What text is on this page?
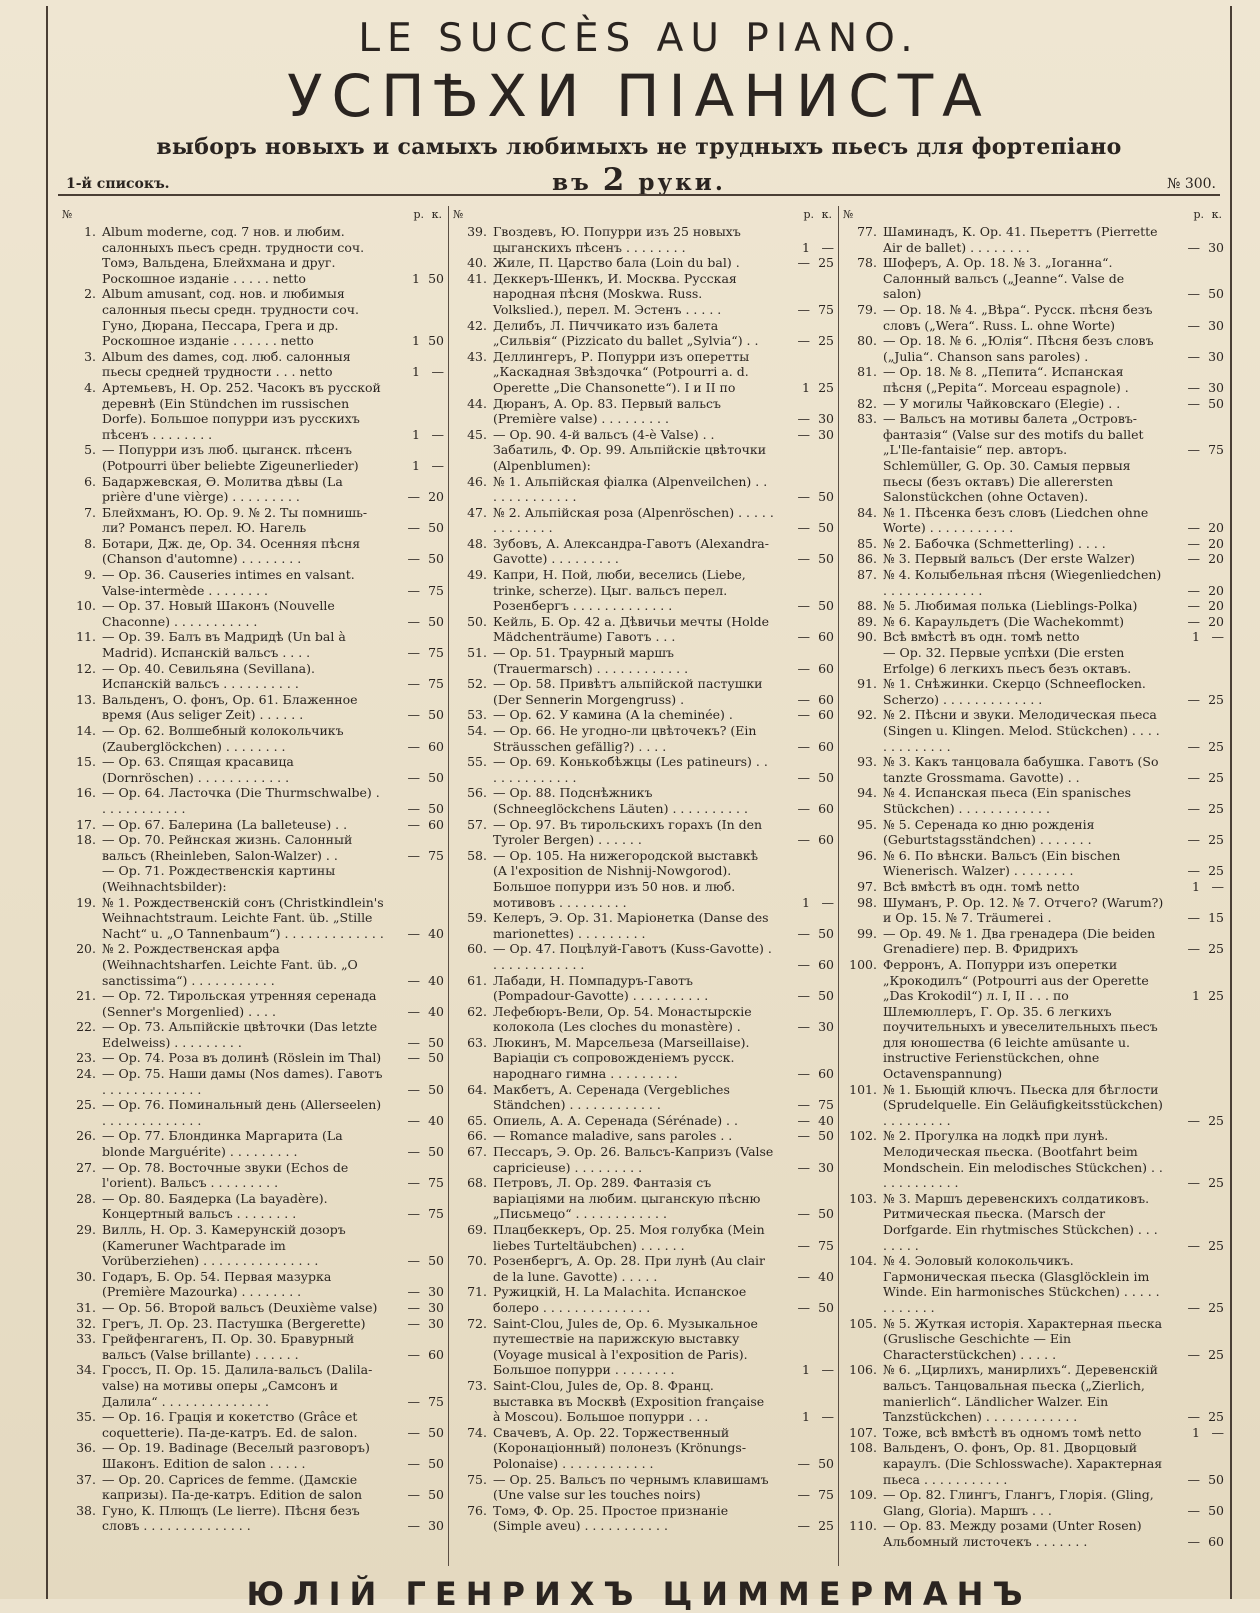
LE SUCCÈS AU PIANO.
УСПѢХИ ПІАНИСТА
выборъ новыхъ и самыхъ любимыхъ не трудныхъ пьесъ для фортепіано
1-й списокъ.	въ 2 руки.	№ 300.
№	р. к.
1. Album moderne, сод. 7 нов. и любим. салонныхъ пьесъ средн. трудности соч. Томэ, Вальдена, Блейхмана и друг. Роскошное изданіе . . . . . netto	1 50
2. Album amusant, сод. нов. и любимыя салонныя пьесы средн. трудности соч. Гуно, Дюрана, Пессара, Грега и др. Роскошное изданіе . . . . . . netto	1 50
3. Album des dames, сод. люб. салонныя пьесы средней трудности . . . netto	1 —
4. Артемьевъ, Н. Ор. 252. Часокъ въ русской деревнѣ (Ein Stündchen im russischen Dorfe). Большое попурри изъ русскихъ пѣсенъ . . . . . . . .	1 —
5. — Попурри изъ люб. цыганск. пѣсенъ (Potpourri über beliebte Zigeunerlieder)	1 —
6. Бадаржевская, Ѳ. Молитва дѣвы (La prière d'une vièrge) . . . . . . . . .	— 20
7. Блейхманъ, Ю. Ор. 9. № 2. Ты помнишь-ли? Романсъ перел. Ю. Нагель	— 50
8. Ботари, Дж. де, Ор. 34. Осенняя пѣсня (Chanson d'automne) . . . . . . . .	— 50
9. — Ор. 36. Causeries intimes en valsant. Valse-intermède . . . . . . . .	— 75
10. — Ор. 37. Новый Шаконъ (Nouvelle Chaconne) . . . . . . . . . . .	— 50
11. — Ор. 39. Балъ въ Мадридѣ (Un bal à Madrid). Испанскій вальсъ . . . .	— 75
12. — Ор. 40. Севильяна (Sevillana). Испанскій вальсъ . . . . . . . . . .	— 75
13. Вальденъ, О. фонъ, Ор. 61. Блаженное время (Aus seliger Zeit) . . . . . .	— 50
14. — Ор. 62. Волшебный колокольчикъ (Zauberglöckchen) . . . . . . . .	— 60
15. — Ор. 63. Спящая красавица (Dornröschen) . . . . . . . . . . . .	— 50
16. — Ор. 64. Ласточка (Die Thurmschwalbe) . . . . . . . . . . . .	— 50
17. — Ор. 67. Балерина (La balleteuse) . .	— 60
18. — Ор. 70. Рейнская жизнь. Салонный вальсъ (Rheinleben, Salon-Walzer) . .	— 75
— Ор. 71. Рождественскія картины (Weihnachtsbilder):
19. № 1. Рождественскій сонъ (Christkindlein's Weihnachtstraum. Leichte Fant. üb. „Stille Nacht“ u. „O Tannenbaum“) . . . . . . . . . . . . .	— 40
20. № 2. Рождественская арфа (Weihnachtsharfen. Leichte Fant. üb. „O sanctissima“) . . . . . . . . . . .	— 40
21. — Ор. 72. Тирольская утренняя серенада (Senner's Morgenlied) . . . .	— 40
22. — Ор. 73. Альпійскіе цвѣточки (Das letzte Edelweiss) . . . . . . . . .	— 50
23. — Ор. 74. Роза въ долинѣ (Röslein im Thal)	— 50
24. — Ор. 75. Наши дамы (Nos dames). Гавотъ . . . . . . . . . . . . .	— 50
25. — Ор. 76. Поминальный день (Allerseelen) . . . . . . . . . . . . .	— 40
26. — Ор. 77. Блондинка Маргарита (La blonde Marguérite) . . . . . . . . .	— 50
27. — Ор. 78. Восточные звуки (Echos de l'orient). Вальсъ . . . . . . . . .	— 75
28. — Ор. 80. Баядерка (La bayadère). Концертный вальсъ . . . . . . . .	— 75
29. Вилль, Н. Ор. 3. Камерунскій дозоръ (Kameruner Wachtparade im Vorüberziehen) . . . . . . . . . . . . . . .	— 50
30. Годаръ, Б. Ор. 54. Первая мазурка (Première Mazourka) . . . . . . . .	— 30
31. — Ор. 56. Второй вальсъ (Deuxième valse)	— 30
32. Грегъ, Л. Ор. 23. Пастушка (Bergerette)	— 30
33. Грейфенгагенъ, П. Ор. 30. Бравурный вальсъ (Valse brillante) . . . . . .	— 60
34. Гроссъ, П. Ор. 15. Далила-вальсъ (Dalila-valse) на мотивы оперы „Самсонъ и Далила“ . . . . . . . . . . . . . .	— 75
35. — Ор. 16. Грація и кокетство (Grâce et coquetterie). Па-де-катръ. Ed. de salon.	— 50
36. — Ор. 19. Badinage (Веселый разговоръ) Шаконъ. Edition de salon . . . . .	— 50
37. — Ор. 20. Caprices de femme. (Дамскіе капризы). Па-де-катръ. Edition de salon	— 50
38. Гуно, К. Плющъ (Le lierre). Пѣсня безъ словъ . . . . . . . . . . . . . .	— 30
№	р. к.
39. Гвоздевъ, Ю. Попурри изъ 25 новыхъ цыганскихъ пѣсенъ . . . . . . . .	1 —
40. Жиле, П. Царство бала (Loin du bal) .	— 25
41. Деккеръ-Шенкъ, И. Москва. Русская народная пѣсня (Moskwa. Russ. Volkslied.), перел. М. Эстенъ . . . . .	— 75
42. Делибъ, Л. Пиччикато изъ балета „Сильвія“ (Pizzicato du ballet „Sylvia“) . .	— 25
43. Деллингеръ, Р. Попурри изъ оперетты „Каскадная Звѣздочка“ (Potpourri a. d. Operette „Die Chansonette“). I и II по	1 25
44. Дюранъ, А. Ор. 83. Первый вальсъ (Première valse) . . . . . . . . .	— 30
45. — Ор. 90. 4-й вальсъ (4-è Valse) . .	— 30
Забатиль, Ф. Ор. 99. Альпійскіе цвѣточки (Alpenblumen):
46. № 1. Альпійская фіалка (Alpenveilchen) . . . . . . . . . . . . .	— 50
47. № 2. Альпійская роза (Alpenröschen) . . . . . . . . . . . . .	— 50
48. Зубовъ, А. Александра-Гавотъ (Alexandra-Gavotte) . . . . . . . . .	— 50
49. Капри, Н. Пой, люби, веселись (Liebe, trinke, scherze). Цыг. вальсъ перел. Розенбергъ . . . . . . . . . . . . .	— 50
50. Кейль, Б. Ор. 42 а. Дѣвичьи мечты (Holde Mädchenträume) Гавотъ . . .	— 60
51. — Ор. 51. Траурный маршъ (Trauermarsch) . . . . . . . . . . . .	— 60
52. — Ор. 58. Привѣтъ альпійской пастушки (Der Sennerin Morgengruss) .	— 60
53. — Ор. 62. У камина (A la cheminée) .	— 60
54. — Ор. 66. Не угодно-ли цвѣточекъ? (Ein Sträusschen gefällig?) . . . .	— 60
55. — Ор. 69. Конькобѣжцы (Les patineurs) . . . . . . . . . . . . .	— 50
56. — Ор. 88. Подснѣжникъ (Schneeglöckchens Läuten) . . . . . . . . . .	— 60
57. — Ор. 97. Въ тирольскихъ горахъ (In den Tyroler Bergen) . . . . . .	— 60
58. — Ор. 105. На нижегородской выставкѣ (A l'exposition de Nishnij-Nowgorod). Большое попурри изъ 50 нов. и люб. мотивовъ . . . . . . . . .	1 —
59. Келеръ, Э. Ор. 31. Маріонетка (Danse des marionettes) . . . . . . . . .	— 50
60. — Ор. 47. Поцѣлуй-Гавотъ (Kuss-Gavotte) . . . . . . . . . . . . .	— 60
61. Лабади, Н. Помпадуръ-Гавотъ (Pompadour-Gavotte) . . . . . . . . . .	— 50
62. Лефебюръ-Вели, Ор. 54. Монастырскіе колокола (Les cloches du monastère) .	— 30
63. Люкинъ, М. Марсельеза (Marseillaise). Варіаціи съ сопровожденіемъ русск. народнаго гимна . . . . . . . . .	— 60
64. Макбетъ, А. Серенада (Vergebliches Ständchen) . . . . . . . . . . . .	— 75
65. Опиель, А. А. Серенада (Sérénade) . .	— 40
66. — Romance maladive, sans paroles . .	— 50
67. Пессаръ, Э. Ор. 26. Вальсъ-Капризъ (Valse capricieuse) . . . . . . . . .	— 30
68. Петровъ, Л. Ор. 289. Фантазія съ варіаціями на любим. цыганскую пѣсню „Письмецо“ . . . . . . . . . . . .	— 50
69. Плацбеккеръ, Ор. 25. Моя голубка (Mein liebes Turteltäubchen) . . . . . .	— 75
70. Розенбергъ, А. Ор. 28. При лунѣ (Au clair de la lune. Gavotte) . . . . .	— 40
71. Ружицкій, Н. La Malachita. Испанское болеро . . . . . . . . . . . . . .	— 50
72. Saint-Clou, Jules de, Ор. 6. Музыкальное путешествіе на парижскую выставку (Voyage musical à l'exposition de Paris). Большое попурри . . . . . . . .	1 —
73. Saint-Clou, Jules de, Ор. 8. Франц. выставка въ Москвѣ (Exposition française à Moscou). Большое попурри . . .	1 —
74. Свачевъ, А. Ор. 22. Торжественный (Коронаціонный) полонезъ (Krönungs-Polonaise) . . . . . . . . . . . .	— 50
75. — Ор. 25. Вальсъ по чернымъ клавишамъ (Une valse sur les touches noirs)	— 75
76. Томэ, Ф. Ор. 25. Простое признаніе (Simple aveu) . . . . . . . . . . .	— 25
№	р. к.
77. Шаминадъ, К. Ор. 41. Пьереттъ (Pierrette Air de ballet) . . . . . . . .	— 30
78. Шоферъ, А. Ор. 18. № 3. „Іоганна“. Салонный вальсъ („Jeanne“. Valse de salon)	— 50
79. — Ор. 18. № 4. „Вѣра“. Русск. пѣсня безъ словъ („Wera“. Russ. L. ohne Worte)	— 30
80. — Ор. 18. № 6. „Юлія“. Пѣсня безъ словъ („Julia“. Chanson sans paroles) .	— 30
81. — Ор. 18. № 8. „Пепита“. Испанская пѣсня („Pepita“. Morceau espagnole) .	— 30
82. — У могилы Чайковскаго (Elegie) . .	— 50
83. — Вальсъ на мотивы балета „Островъ-фантазія“ (Valse sur des motifs du ballet „L'Ile-fantaisie“ пер. авторъ.	— 75
Schlemüller, G. Ор. 30. Самыя первыя пьесы (безъ октавъ) Die allerersten Salonstückchen (ohne Octaven).
84. № 1. Пѣсенка безъ словъ (Liedchen ohne Worte) . . . . . . . . . . .	— 20
85. № 2. Бабочка (Schmetterling) . . . .	— 20
86. № 3. Первый вальсъ (Der erste Walzer)	— 20
87. № 4. Колыбельная пѣсня (Wiegenliedchen) . . . . . . . . . . . . .	— 20
88. № 5. Любимая полька (Lieblings-Polka)	— 20
89. № 6. Караульдетъ (Die Wachekommt)	— 20
90. Всѣ вмѣстѣ въ одн. томѣ netto	1 —
— Ор. 32. Первые успѣхи (Die ersten Erfolge) 6 легкихъ пьесъ безъ октавъ.
91. № 1. Снѣжинки. Скерцо (Schneeflocken. Scherzo) . . . . . . . . . . . . .	— 25
92. № 2. Пѣсни и звуки. Мелодическая пьеса (Singen u. Klingen. Melod. Stückchen) . . . . . . . . . . . . .	— 25
93. № 3. Какъ танцовала бабушка. Гавотъ (So tanzte Grossmama. Gavotte) . .	— 25
94. № 4. Испанская пьеса (Ein spanisches Stückchen) . . . . . . . . . . . .	— 25
95. № 5. Серенада ко дню рожденія (Geburtstagsständchen) . . . . . . .	— 25
96. № 6. По вѣнски. Вальсъ (Ein bischen Wienerisch. Walzer) . . . . . . . .	— 25
97. Всѣ вмѣстѣ въ одн. томѣ netto	1 —
98. Шуманъ, Р. Ор. 12. № 7. Отчего? (Warum?) и Ор. 15. № 7. Träumerei .	— 15
99. — Ор. 49. № 1. Два гренадера (Die beiden Grenadiere) пер. В. Фридрихъ	— 25
100. Ферронъ, А. Попурри изъ оперетки „Крокодилъ“ (Potpourri aus der Operette „Das Krokodil“) л. I, II . . . по	1 25
Шлемюллеръ, Г. Ор. 35. 6 легкихъ поучительныхъ и увеселительныхъ пьесъ для юношества (6 leichte amüsante u. instructive Ferienstückchen, ohne Octavenspannung)
101. № 1. Бьющій ключъ. Пьеска для бѣглости (Sprudelquelle. Ein Geläufigkeitsstückchen) . . . . . . . . .	— 25
102. № 2. Прогулка на лодкѣ при лунѣ. Мелодическая пьеска. (Bootfahrt beim Mondschein. Ein melodisches Stückchen) . . . . . . . . . . . .	— 25
103. № 3. Маршъ деревенскихъ солдатиковъ. Ритмическая пьеска. (Marsch der Dorfgarde. Ein rhytmisches Stückchen) . . . . . . . .	— 25
104. № 4. Эоловый колокольчикъ. Гармоническая пьеска (Glasglöcklein im Winde. Ein harmonisches Stückchen) . . . . . . . . . . . .	— 25
105. № 5. Жуткая исторія. Характерная пьеска (Gruslische Geschichte — Ein Characterstückchen) . . . . .	— 25
106. № 6. „Цирлихъ, манирлихъ“. Деревенскій вальсъ. Танцовальная пьеска („Zierlich, manierlich“. Ländlicher Walzer. Ein Tanzstückchen) . . . . . . . . . . . .	— 25
107. Тоже, всѣ вмѣстѣ въ одномъ томѣ netto	1 —
108. Вальденъ, О. фонъ, Ор. 81. Дворцовый караулъ. (Die Schlosswache). Характерная пьеса . . . . . . . . . . .	— 50
109. — Ор. 82. Глингъ, Глангъ, Глорія. (Gling, Glang, Gloria). Маршъ . . .	— 50
110. — Ор. 83. Между розами (Unter Rosen) Альбомный листочекъ . . . . . . .	— 60
ЮЛІЙ ГЕНРИХЪ ЦИММЕРМАНЪ
